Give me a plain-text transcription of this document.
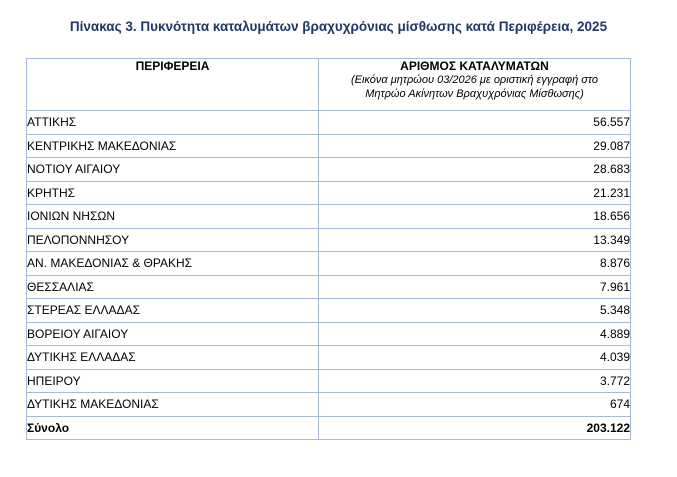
Πίνακας 3. Πυκνότητα καταλυμάτων βραχυχρόνιας μίσθωσης κατά Περιφέρεια, 2025
ΠΕΡΙΦΕΡΕΙΑ	ΑΡΙΘΜΟΣ ΚΑΤΑΛΥΜΑΤΩΝ
(Εικόνα μητρώου 03/2026 με οριστική εγγραφή στο
Μητρώο Ακίνητων Βραχυχρόνιας Μίσθωσης)

ΑΤΤΙΚΗΣ	56.557
ΚΕΝΤΡΙΚΗΣ ΜΑΚΕΔΟΝΙΑΣ	29.087
ΝΟΤΙΟΥ ΑΙΓΑΙΟΥ	28.683
ΚΡΗΤΗΣ	21.231
ΙΟΝΙΩΝ ΝΗΣΩΝ	18.656
ΠΕΛΟΠΟΝΝΗΣΟΥ	13.349
ΑΝ. ΜΑΚΕΔΟΝΙΑΣ & ΘΡΑΚΗΣ	8.876
ΘΕΣΣΑΛΙΑΣ	7.961
ΣΤΕΡΕΑΣ ΕΛΛΑΔΑΣ	5.348
ΒΟΡΕΙΟΥ ΑΙΓΑΙΟΥ	4.889
ΔΥΤΙΚΗΣ ΕΛΛΑΔΑΣ	4.039
ΗΠΕΙΡΟΥ	3.772
ΔΥΤΙΚΗΣ ΜΑΚΕΔΟΝΙΑΣ	674
Σύνολο	203.122
